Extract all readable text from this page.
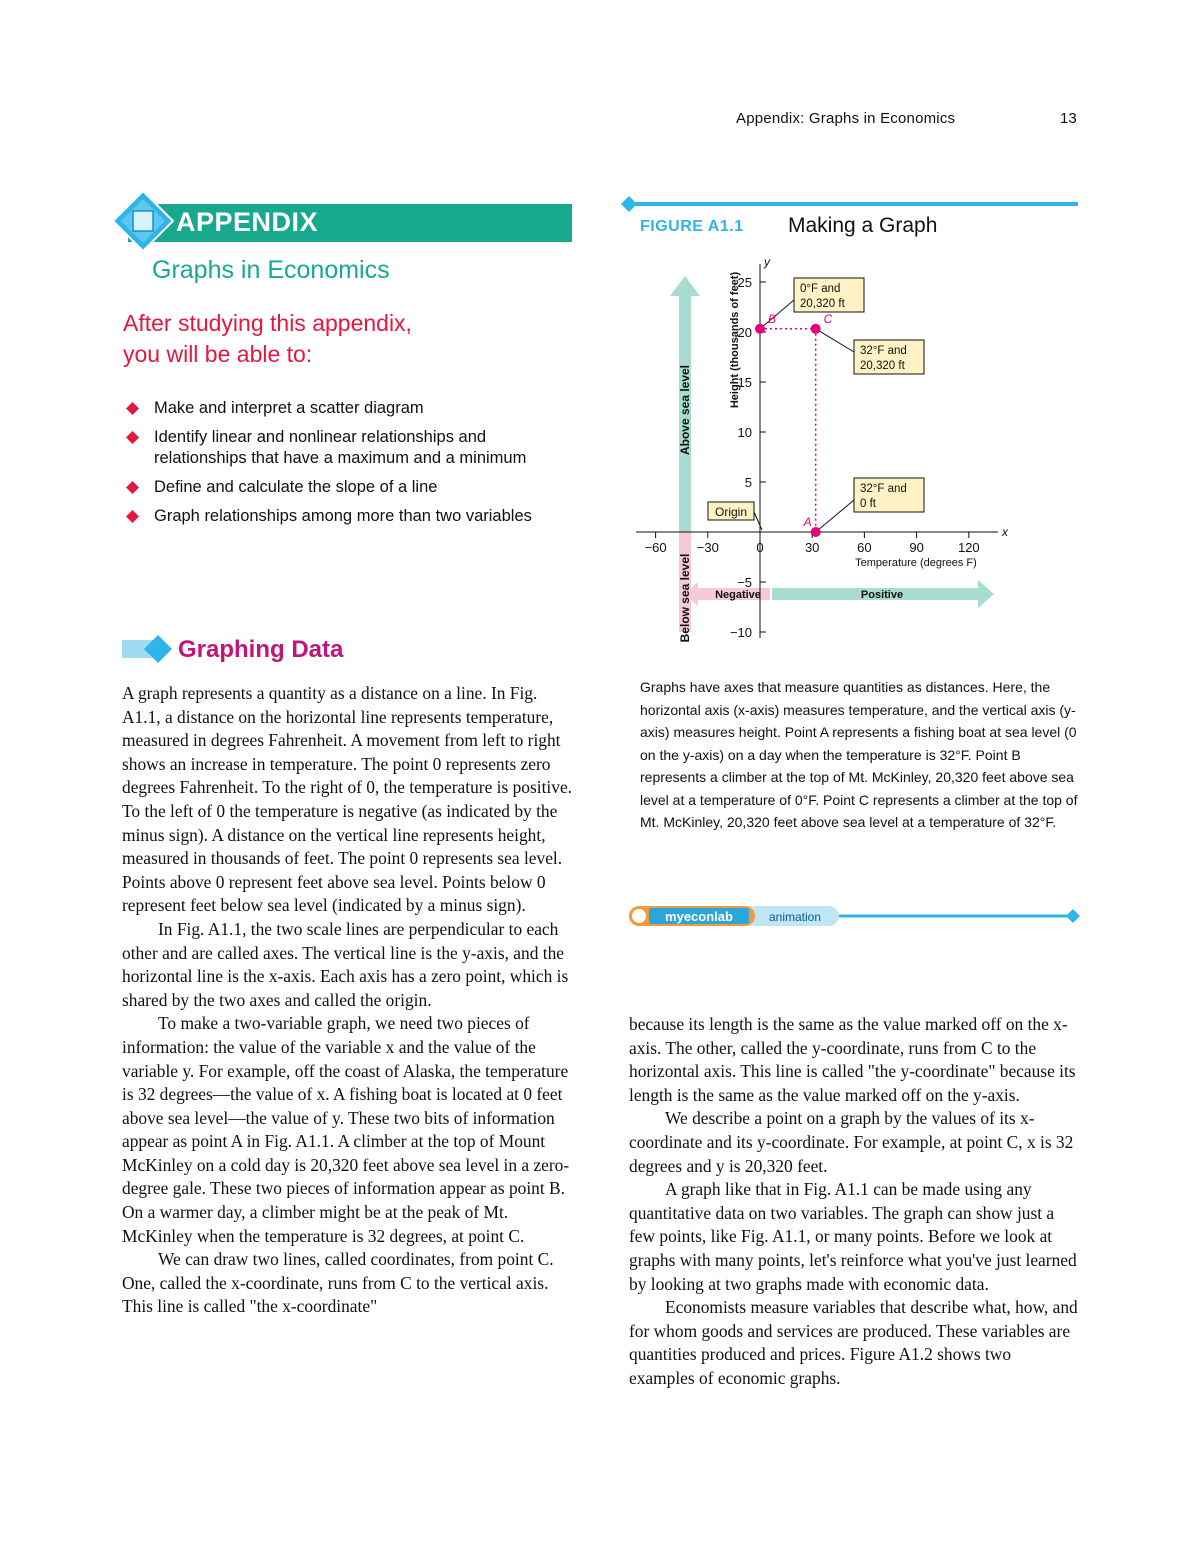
Appendix: Graphs in Economics	13
APPENDIX
Graphs in Economics
After studying this appendix,
you will be able to:
Make and interpret a scatter diagram
Identify linear and nonlinear relationships and relationships that have a maximum and a minimum
Define and calculate the slope of a line
Graph relationships among more than two variables
Graphing Data

A graph represents a quantity as a distance on a line. In Fig. A1.1, a distance on the horizontal line represents temperature, measured in degrees Fahrenheit. A movement from left to right shows an increase in temperature. The point 0 represents zero degrees Fahrenheit. To the right of 0, the temperature is positive. To the left of 0 the temperature is negative (as indicated by the minus sign). A distance on the vertical line represents height, measured in thousands of feet. The point 0 represents sea level. Points above 0 represent feet above sea level. Points below 0 represent feet below sea level (indicated by a minus sign).

In Fig. A1.1, the two scale lines are perpendicular to each other and are called axes. The vertical line is the y-axis, and the horizontal line is the x-axis. Each axis has a zero point, which is shared by the two axes and called the origin.

To make a two-variable graph, we need two pieces of information: the value of the variable x and the value of the variable y. For example, off the coast of Alaska, the temperature is 32 degrees—the value of x. A fishing boat is located at 0 feet above sea level—the value of y. These two bits of information appear as point A in Fig. A1.1. A climber at the top of Mount McKinley on a cold day is 20,320 feet above sea level in a zero-degree gale. These two pieces of information appear as point B. On a warmer day, a climber might be at the peak of Mt. McKinley when the temperature is 32 degrees, at point C.

We can draw two lines, called coordinates, from point C. One, called the x-coordinate, runs from C to the vertical axis. This line is called "the x-coordinate"

because its length is the same as the value marked off on the x-axis. The other, called the y-coordinate, runs from C to the horizontal axis. This line is called "the y-coordinate" because its length is the same as the value marked off on the y-axis.

We describe a point on a graph by the values of its x-coordinate and its y-coordinate. For example, at point C, x is 32 degrees and y is 20,320 feet.

A graph like that in Fig. A1.1 can be made using any quantitative data on two variables. The graph can show just a few points, like Fig. A1.1, or many points. Before we look at graphs with many points, let's reinforce what you've just learned by looking at two graphs made with economic data.

Economists measure variables that describe what, how, and for whom goods and services are produced. These variables are quantities produced and prices. Figure A1.2 shows two examples of economic graphs.

FIGURE A1.1 Making a Graph
Above sea level
Below sea level Negative	Positive
x
y
−60 −30	0	30	60	90	120
−10
−5
5
10
15
20
25
Temperature (degrees F)
Height (thousands of feet)
Origin
32°F and
0 ft
0°F and
20,320 ft
32°F and
20,320 ft
A
B	C
Graphs have axes that measure quantities as distances. Here, the horizontal axis (x-axis) measures temperature, and the vertical axis (y-axis) measures height. Point A represents a fishing boat at sea level (0 on the y-axis) on a day when the temperature is 32°F. Point B represents a climber at the top of Mt. McKinley, 20,320 feet above sea level at a temperature of 0°F. Point C represents a climber at the top of Mt. McKinley, 20,320 feet above sea level at a temperature of 32°F.
myeconlab	animation
